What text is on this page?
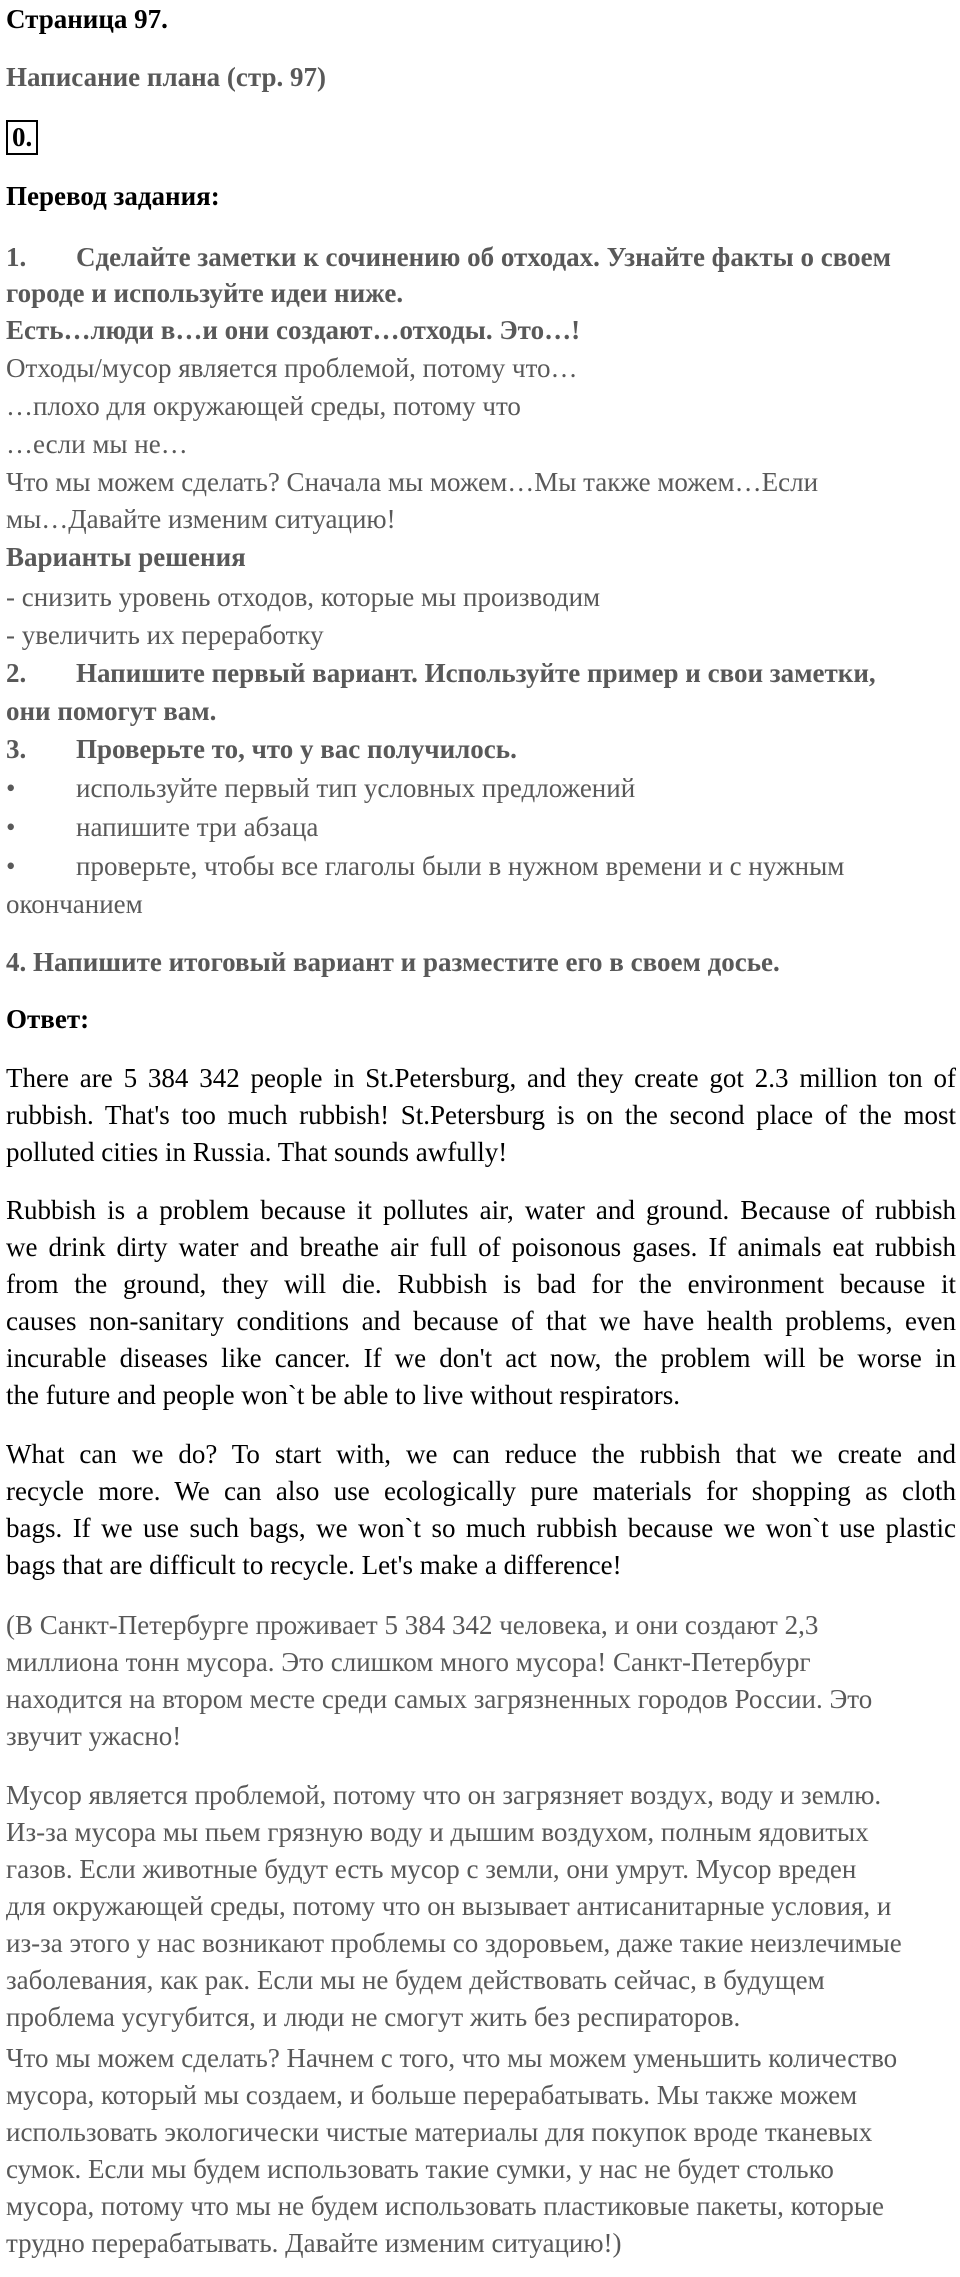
Страница 97.
Написание плана (стр. 97)
0.
Перевод задания:
1. Сделайте заметки к сочинению об отходах. Узнайте факты о своем
городе и используйте идеи ниже.
Есть…люди в…и они создают…отходы. Это…!
Отходы/мусор является проблемой, потому что…
…плохо для окружающей среды, потому что
…если мы не…
Что мы можем сделать? Сначала мы можем…Мы также можем…Если
мы…Давайте изменим ситуацию!
Варианты решения
- снизить уровень отходов, которые мы производим
- увеличить их переработку
2. Напишите первый вариант. Используйте пример и свои заметки,
они помогут вам.
3. Проверьте то, что у вас получилось.
• используйте первый тип условных предложений
• напишите три абзаца
• проверьте, чтобы все глаголы были в нужном времени и с нужным
окончанием
4. Напишите итоговый вариант и разместите его в своем досье.
Ответ:
There are 5 384 342 people in St.Petersburg, and they create got 2.3 million ton of
rubbish. That's too much rubbish! St.Petersburg is on the second place of the most
polluted cities in Russia. That sounds awfully!
Rubbish is a problem because it pollutes air, water and ground. Because of rubbish
we drink dirty water and breathe air full of poisonous gases. If animals eat rubbish
from the ground, they will die. Rubbish is bad for the environment because it
causes non-sanitary conditions and because of that we have health problems, even
incurable diseases like cancer. If we don't act now, the problem will be worse in
the future and people won`t be able to live without respirators.
What can we do? To start with, we can reduce the rubbish that we create and
recycle more. We can also use ecologically pure materials for shopping as cloth
bags. If we use such bags, we won`t so much rubbish because we won`t use plastic
bags that are difficult to recycle. Let's make a difference!
(В Санкт-Петербурге проживает 5 384 342 человека, и они создают 2,3
миллиона тонн мусора. Это слишком много мусора! Санкт-Петербург
находится на втором месте среди самых загрязненных городов России. Это
звучит ужасно!
Мусор является проблемой, потому что он загрязняет воздух, воду и землю.
Из-за мусора мы пьем грязную воду и дышим воздухом, полным ядовитых
газов. Если животные будут есть мусор с земли, они умрут. Мусор вреден
для окружающей среды, потому что он вызывает антисанитарные условия, и
из-за этого у нас возникают проблемы со здоровьем, даже такие неизлечимые
заболевания, как рак. Если мы не будем действовать сейчас, в будущем
проблема усугубится, и люди не смогут жить без респираторов.
Что мы можем сделать? Начнем с того, что мы можем уменьшить количество
мусора, который мы создаем, и больше перерабатывать. Мы также можем
использовать экологически чистые материалы для покупок вроде тканевых
сумок. Если мы будем использовать такие сумки, у нас не будет столько
мусора, потому что мы не будем использовать пластиковые пакеты, которые
трудно перерабатывать. Давайте изменим ситуацию!)
